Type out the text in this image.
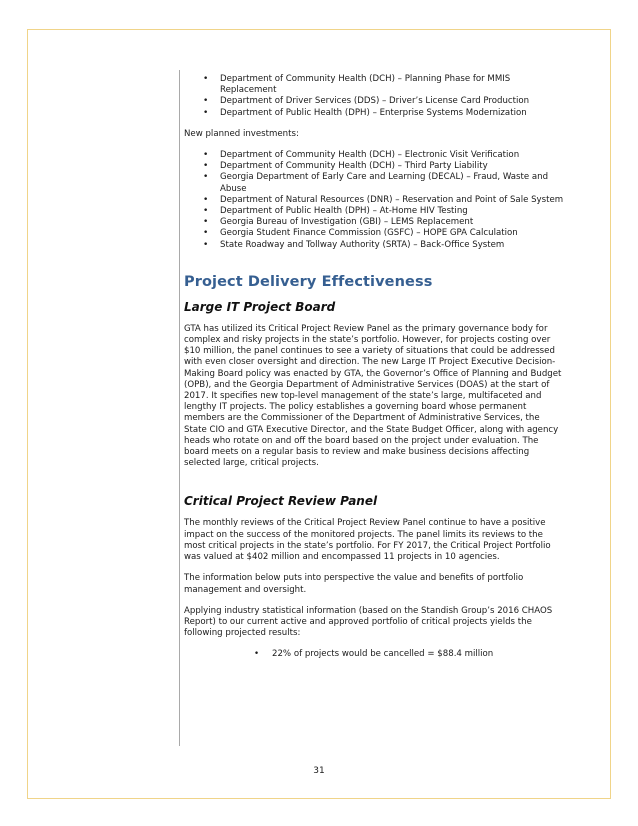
• Department of Community Health (DCH) – Planning Phase for MMIS Replacement
• Department of Driver Services (DDS) – Driver’s License Card Production
• Department of Public Health (DPH) – Enterprise Systems Modernization

New planned investments:

• Department of Community Health (DCH) – Electronic Visit Verification
• Department of Community Health (DCH) – Third Party Liability
• Georgia Department of Early Care and Learning (DECAL) – Fraud, Waste and Abuse
• Department of Natural Resources (DNR) – Reservation and Point of Sale System
• Department of Public Health (DPH) – At-Home HIV Testing
• Georgia Bureau of Investigation (GBI) – LEMS Replacement
• Georgia Student Finance Commission (GSFC) – HOPE GPA Calculation
• State Roadway and Tollway Authority (SRTA) – Back-Office System
Project Delivery Effectiveness
Large IT Project Board

GTA has utilized its Critical Project Review Panel as the primary governance body for complex and risky projects in the state’s portfolio. However, for projects costing over $10 million, the panel continues to see a variety of situations that could be addressed with even closer oversight and direction. The new Large IT Project Executive Decision-Making Board policy was enacted by GTA, the Governor’s Office of Planning and Budget (OPB), and the Georgia Department of Administrative Services (DOAS) at the start of 2017. It specifies new top-level management of the state’s large, multifaceted and lengthy IT projects. The policy establishes a governing board whose permanent members are the Commissioner of the Department of Administrative Services, the State CIO and GTA Executive Director, and the State Budget Officer, along with agency heads who rotate on and off the board based on the project under evaluation. The board meets on a regular basis to review and make business decisions affecting selected large, critical projects.

Critical Project Review Panel

The monthly reviews of the Critical Project Review Panel continue to have a positive impact on the success of the monitored projects. The panel limits its reviews to the most critical projects in the state’s portfolio. For FY 2017, the Critical Project Portfolio was valued at $402 million and encompassed 11 projects in 10 agencies.

The information below puts into perspective the value and benefits of portfolio management and oversight.

Applying industry statistical information (based on the Standish Group’s 2016 CHAOS Report) to our current active and approved portfolio of critical projects yields the following projected results:

• 22% of projects would be cancelled = $88.4 million
31
